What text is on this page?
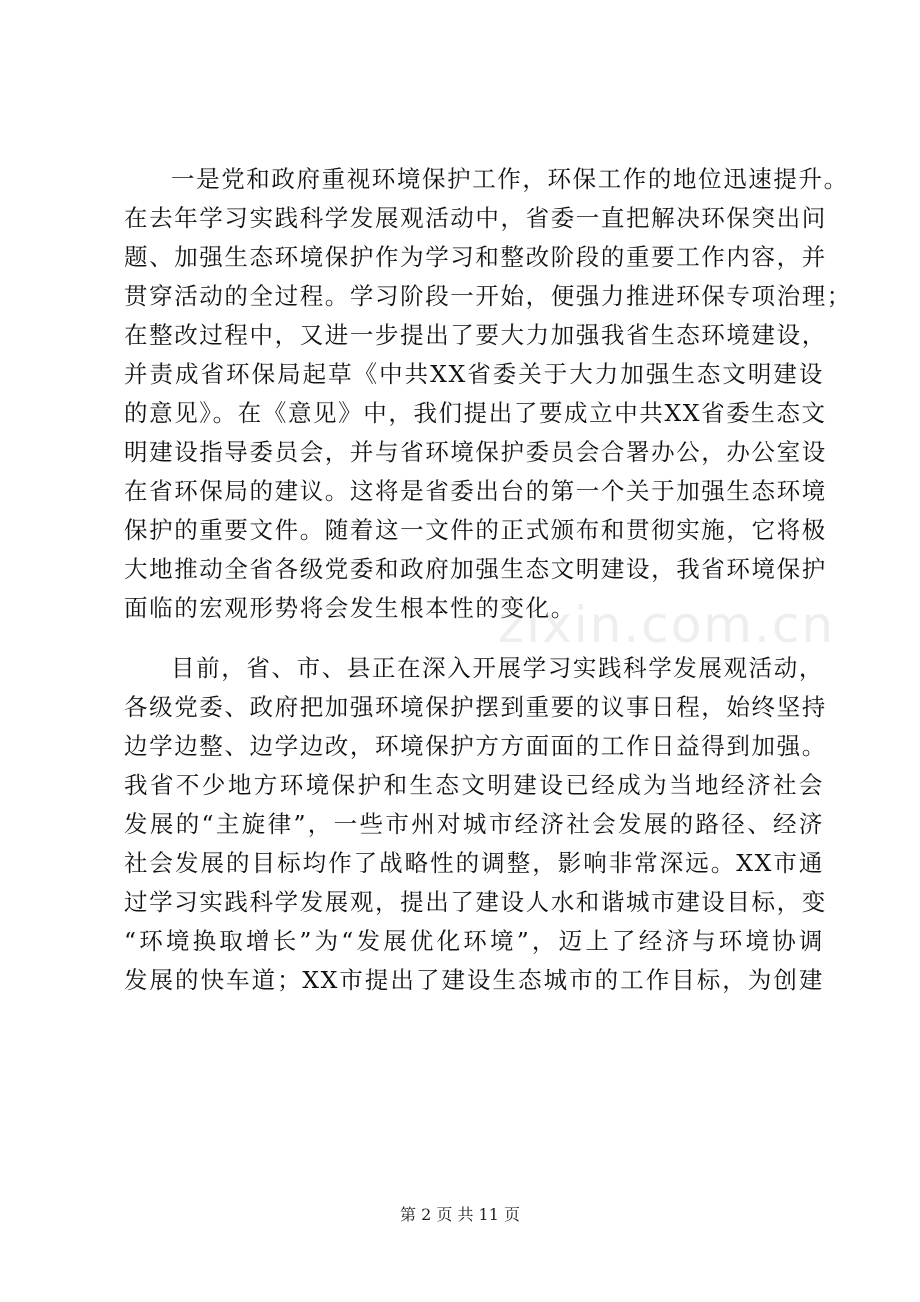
一是党和政府重视环境保护工作，环保工作的地位迅速提升。
在去年学习实践科学发展观活动中，省委一直把解决环保突出问
题、加强生态环境保护作为学习和整改阶段的重要工作内容，并
贯穿活动的全过程。学习阶段一开始，便强力推进环保专项治理；
在整改过程中，又进一步提出了要大力加强我省生态环境建设，
并责成省环保局起草《中共XX省委关于大力加强生态文明建设
的意见》。在《意见》中，我们提出了要成立中共XX省委生态文
明建设指导委员会，并与省环境保护委员会合署办公，办公室设
在省环保局的建议。这将是省委出台的第一个关于加强生态环境
保护的重要文件。随着这一文件的正式颁布和贯彻实施，它将极
大地推动全省各级党委和政府加强生态文明建设，我省环境保护
面临的宏观形势将会发生根本性的变化。
目前，省、市、县正在深入开展学习实践科学发展观活动，
各级党委、政府把加强环境保护摆到重要的议事日程，始终坚持
边学边整、边学边改，环境保护方方面面的工作日益得到加强。
我省不少地方环境保护和生态文明建设已经成为当地经济社会
发展的“主旋律”，一些市州对城市经济社会发展的路径、经济
社会发展的目标均作了战略性的调整，影响非常深远。XX市通
过学习实践科学发展观，提出了建设人水和谐城市建设目标，变
“环境换取增长”为“发展优化环境”，迈上了经济与环境协调
发展的快车道；XX市提出了建设生态城市的工作目标，为创建
zixin.com.cn
第 2 页 共 11 页
